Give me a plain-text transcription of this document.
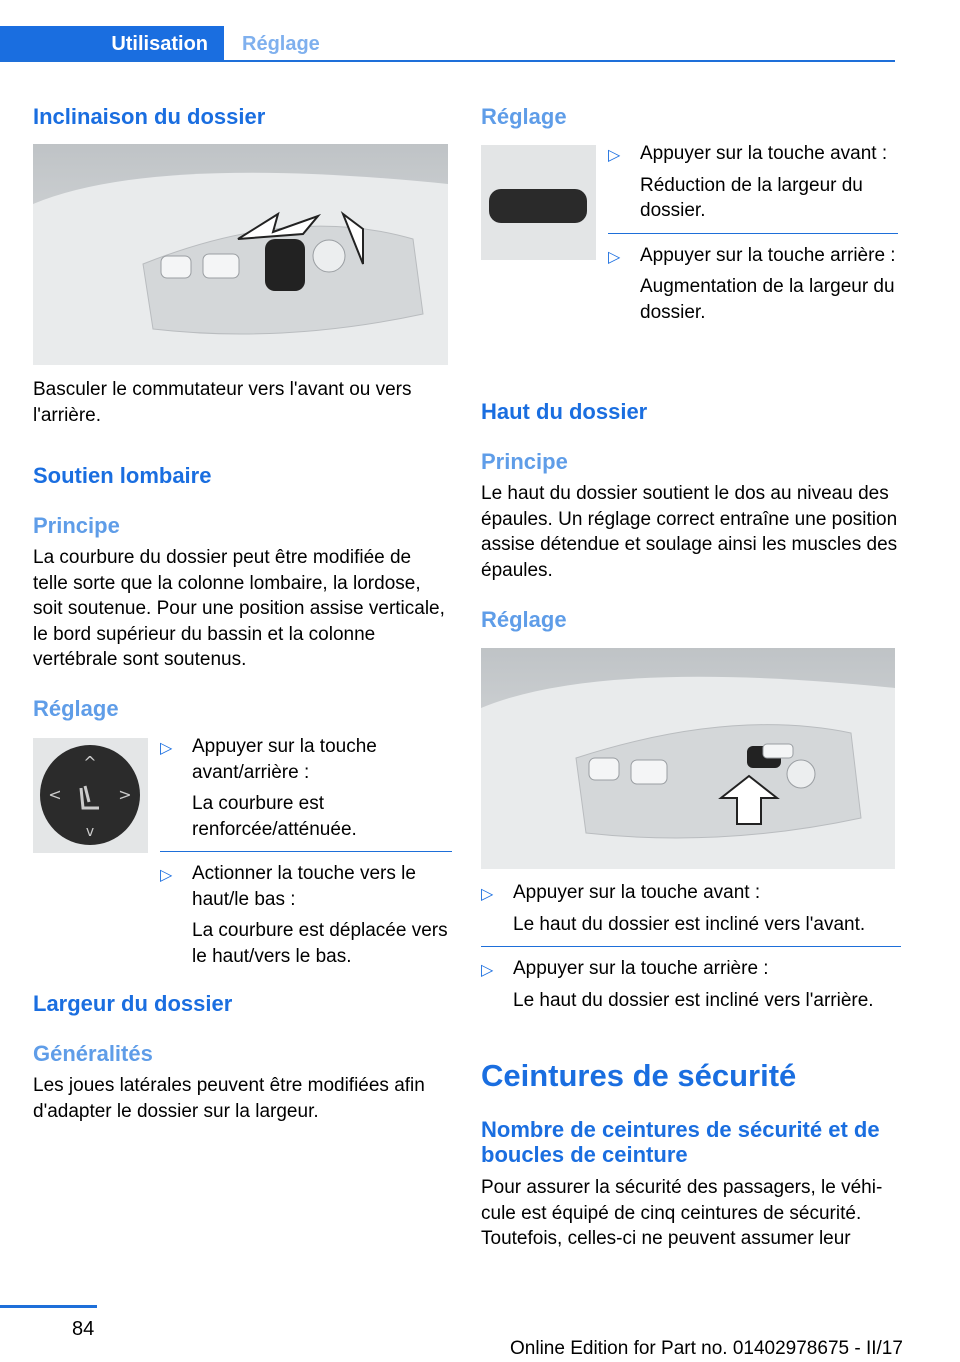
Utilisation	Réglage
Inclinaison du dossier
Basculer le commutateur vers l'avant ou vers l'arrière.
Soutien lombaire
Principe
La courbure du dossier peut être modifiée de telle sorte que la colonne lombaire, la lordose, soit soutenue. Pour une position assise verticale, le bord supérieur du bassin et la colonne vertébrale sont soutenus.
Réglage
^
v
<	>
▷ Appuyer sur la touche avant/arrière :
La courbure est renforcée/atténuée.
▷ Actionner la touche vers le haut/le bas :
La courbure est déplacée vers le haut/vers le bas.
Largeur du dossier
Généralités
Les joues latérales peuvent être modifiées afin d'adapter le dossier sur la largeur.
Réglage
▷ Appuyer sur la touche avant :
Réduction de la largeur du dossier.
▷ Appuyer sur la touche arrière :
Augmentation de la largeur du dossier.
Haut du dossier
Principe
Le haut du dossier soutient le dos au niveau des épaules. Un réglage correct entraîne une position assise détendue et soulage ainsi les muscles des épaules.
Réglage
▷ Appuyer sur la touche avant :
Le haut du dossier est incliné vers l'avant.
▷ Appuyer sur la touche arrière :
Le haut du dossier est incliné vers l'arrière.
Ceintures de sécurité
Nombre de ceintures de sécurité et de boucles de ceinture
Pour assurer la sécurité des passagers, le véhicule est équipé de cinq ceintures de sécurité. Toutefois, celles-ci ne peuvent assumer leur
84
Online Edition for Part no. 01402978675 - II/17
